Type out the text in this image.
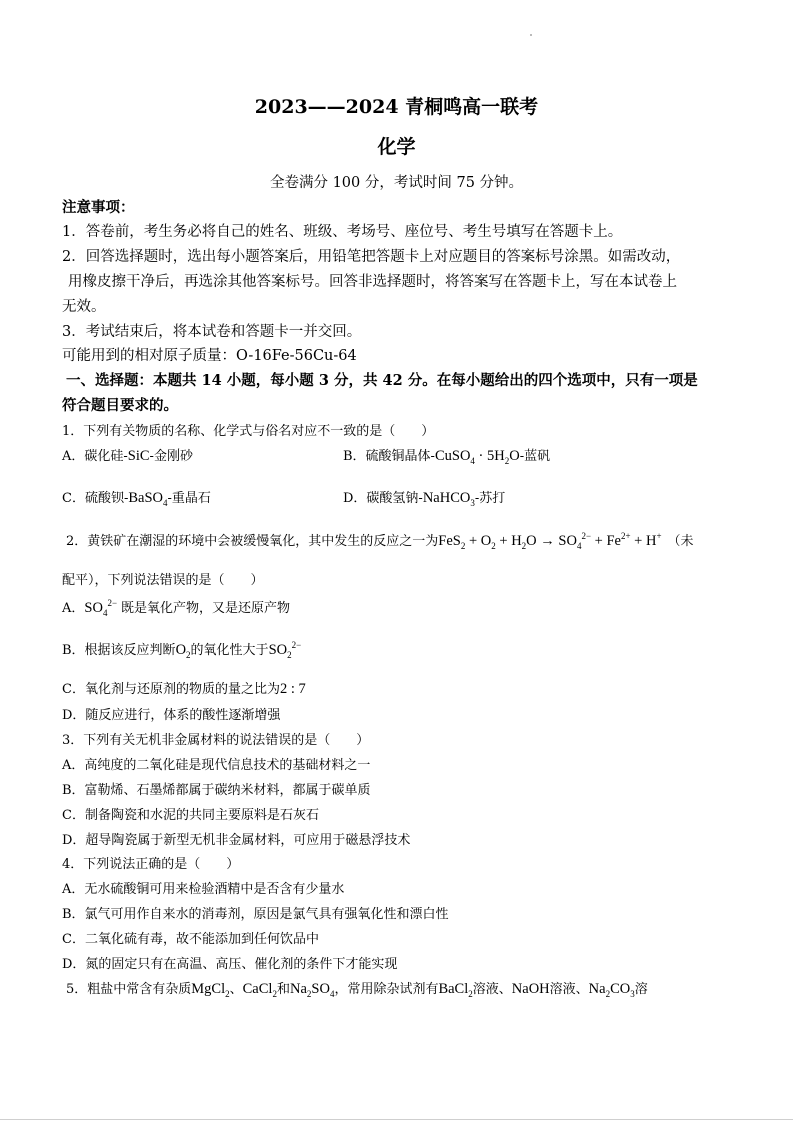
2023——2024 青桐鸣高一联考
化学
全卷满分 100 分，考试时间 75 分钟。
注意事项：
1．答卷前，考生务必将自己的姓名、班级、考场号、座位号、考生号填写在答题卡上。
2．回答选择题时，选出每小题答案后，用铅笔把答题卡上对应题目的答案标号涂黑。如需改动，
用橡皮擦干净后，再选涂其他答案标号。回答非选择题时，将答案写在答题卡上，写在本试卷上
无效。
3．考试结束后，将本试卷和答题卡一并交回。
可能用到的相对原子质量：O-16Fe-56Cu-64
一、选择题：本题共 14 小题，每小题 3 分，共 42 分。在每小题给出的四个选项中，只有一项是
符合题目要求的。
1．下列有关物质的名称、化学式与俗名对应不一致的是（　　）
A．碳化硅-SiC-金刚砂	B．硫酸铜晶体-CuSO$_4$ · $5H_2O-$蓝矾
C．硫酸钡-BaSO$_4$-重晶石	D．碳酸氢钠-NaHCO$_3$-苏打
2．黄铁矿在潮湿的环境中会被缓慢氧化，其中发生的反应之一为$FeS_2 + O_2 + H_2O \to SO_4^{2-} + Fe^{2+} + H^+$ （未
配平），下列说法错误的是（　　）
A．$SO_4^{2-}$ 既是氧化产物，又是还原产物
B．根据该反应判断$O_2$的氧化性大于$SO_2^{2-}$
C．氧化剂与还原剂的物质的量之比为2 : 7
D．随反应进行，体系的酸性逐渐增强
3．下列有关无机非金属材料的说法错误的是（　　）
A．高纯度的二氧化硅是现代信息技术的基础材料之一
B．富勒烯、石墨烯都属于碳纳米材料，都属于碳单质
C．制备陶瓷和水泥的共同主要原料是石灰石
D．超导陶瓷属于新型无机非金属材料，可应用于磁悬浮技术
4．下列说法正确的是（　　）
A．无水硫酸铜可用来检验酒精中是否含有少量水
B．氯气可用作自来水的消毒剂，原因是氯气具有强氧化性和漂白性
C．二氧化硫有毒，故不能添加到任何饮品中
D．氮的固定只有在高温、高压、催化剂的条件下才能实现
5．粗盐中常含有杂质MgCl$_2$、CaCl$_2$和$Na_2SO_4$，常用除杂试剂有BaCl$_2$溶液、NaOH溶液、$Na_2CO_3$溶
